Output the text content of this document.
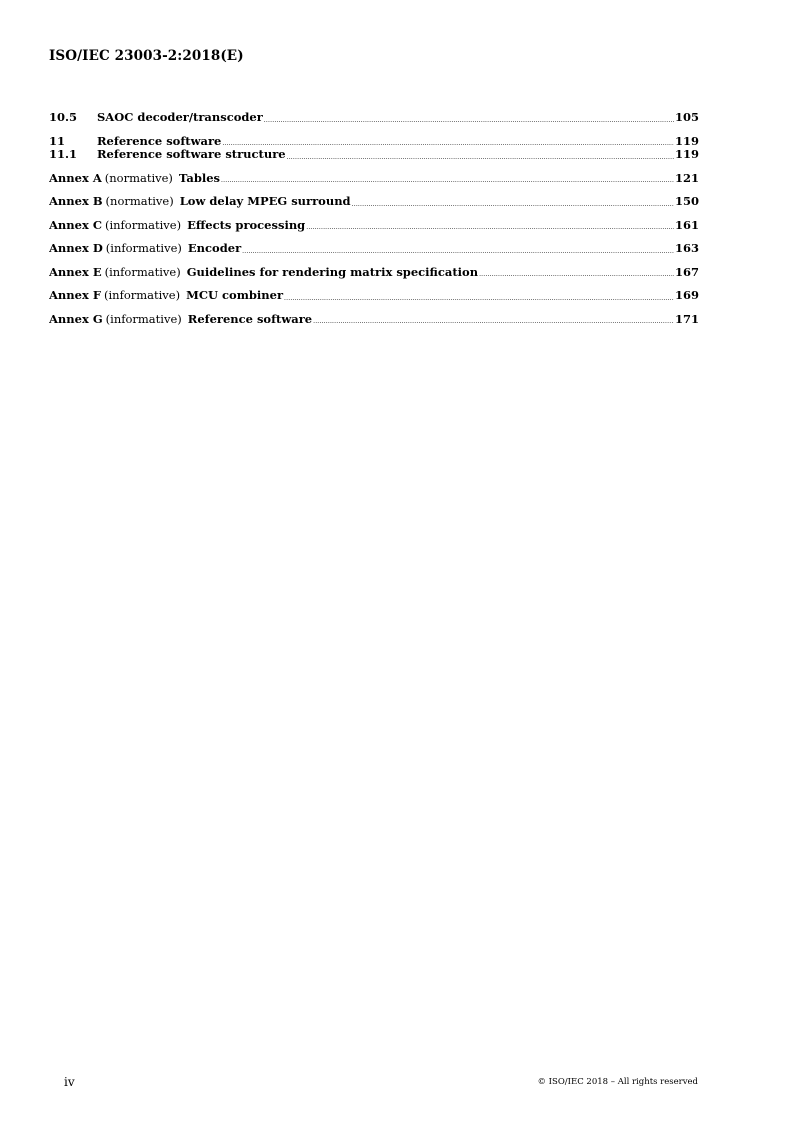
ISO/IEC 23003-2:2018(E)
10.5	SAOC decoder/transcoder .....	105
11	Reference software .....	119
11.1	Reference software structure .....	119
Annex A (normative) Tables .....	121
Annex B (normative) Low delay MPEG surround .....	150
Annex C (informative) Effects processing .....	161
Annex D (informative) Encoder .....	163
Annex E (informative) Guidelines for rendering matrix specification .....	167
Annex F (informative) MCU combiner .....	169
Annex G (informative) Reference software .....	171
iv	© ISO/IEC 2018 – All rights reserved
